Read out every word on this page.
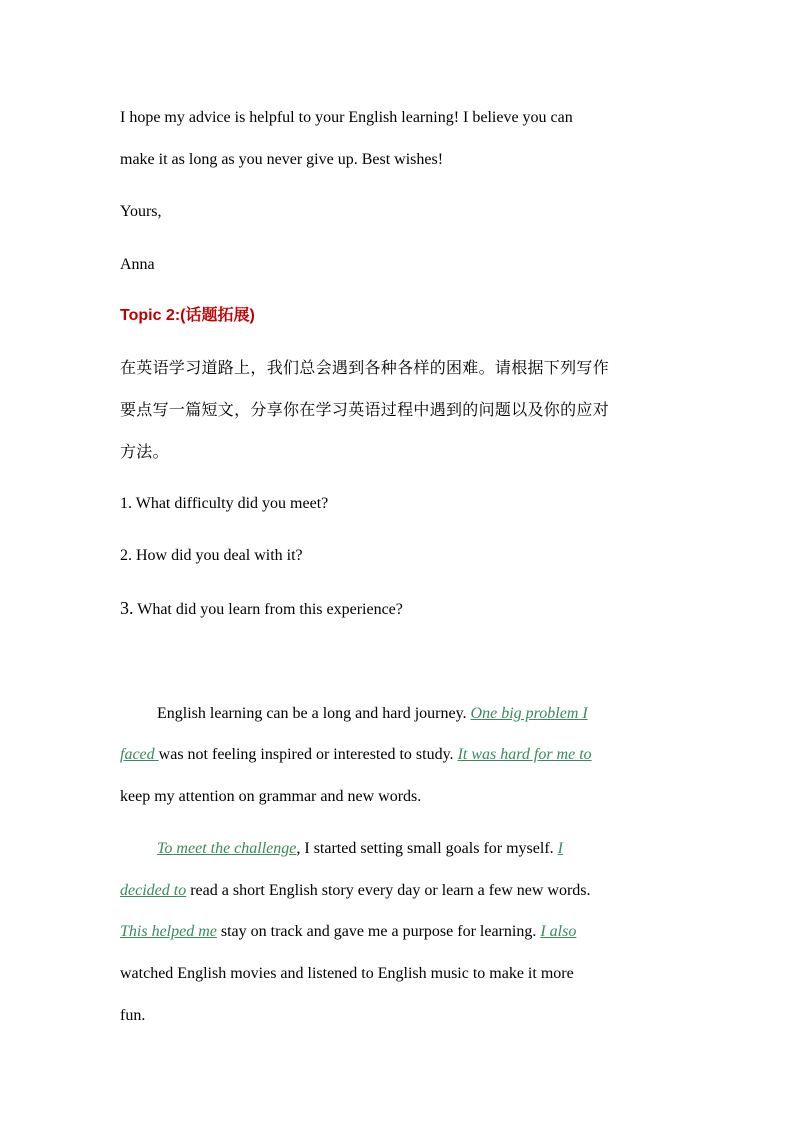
I hope my advice is helpful to your English learning! I believe you can
make it as long as you never give up. Best wishes!
Yours,
Anna
Topic 2:(话题拓展)
在英语学习道路上，我们总会遇到各种各样的困难。请根据下列写作
要点写一篇短文，分享你在学习英语过程中遇到的问题以及你的应对
方法。
1. What difficulty did you meet?
2. How did you deal with it?
3. What did you learn from this experience?
English learning can be a long and hard journey. One big problem I
faced was not feeling inspired or interested to study. It was hard for me to
keep my attention on grammar and new words.
To meet the challenge, I started setting small goals for myself. I
decided to read a short English story every day or learn a few new words.
This helped me stay on track and gave me a purpose for learning. I also
watched English movies and listened to English music to make it more
fun.
